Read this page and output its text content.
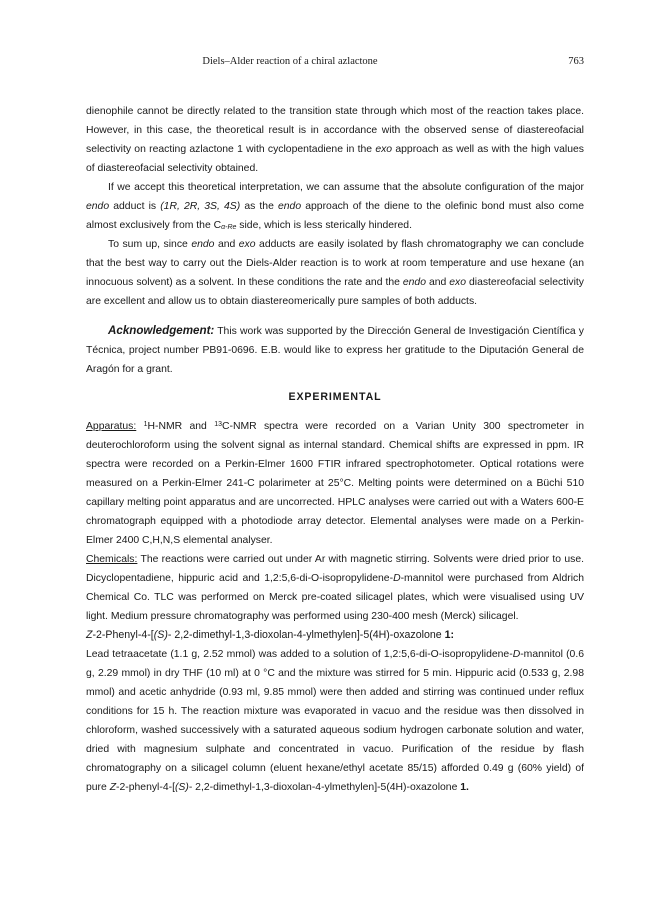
Diels–Alder reaction of a chiral azlactone	763

dienophile cannot be directly related to the transition state through which most of the reaction takes place. However, in this case, the theoretical result is in accordance with the observed sense of diastereofacial selectivity on reacting azlactone 1 with cyclopentadiene in the exo approach as well as with the high values of diastereofacial selectivity obtained.

If we accept this theoretical interpretation, we can assume that the absolute configuration of the major endo adduct is (1R, 2R, 3S, 4S) as the endo approach of the diene to the olefinic bond must also come almost exclusively from the $C_{\alpha-Re}$ side, which is less sterically hindered.

To sum up, since endo and exo adducts are easily isolated by flash chromatography we can conclude that the best way to carry out the Diels-Alder reaction is to work at room temperature and use hexane (an innocuous solvent) as a solvent. In these conditions the rate and the endo and exo diastereofacial selectivity are excellent and allow us to obtain diastereomerically pure samples of both adducts.

Acknowledgement: This work was supported by the Dirección General de Investigación Científica y Técnica, project number PB91-0696. E.B. would like to express her gratitude to the Diputación General de Aragón for a grant.

EXPERIMENTAL

Apparatus: $^1$H-NMR and $^{13}$C-NMR spectra were recorded on a Varian Unity 300 spectrometer in deuterochloroform using the solvent signal as internal standard. Chemical shifts are expressed in ppm. IR spectra were recorded on a Perkin-Elmer 1600 FTIR infrared spectrophotometer. Optical rotations were measured on a Perkin-Elmer 241-C polarimeter at 25°C. Melting points were determined on a Büchi 510 capillary melting point apparatus and are uncorrected. HPLC analyses were carried out with a Waters 600-E chromatograph equipped with a photodiode array detector. Elemental analyses were made on a Perkin-Elmer 2400 C,H,N,S elemental analyser.

Chemicals: The reactions were carried out under Ar with magnetic stirring. Solvents were dried prior to use. Dicyclopentadiene, hippuric acid and 1,2:5,6-di-O-isopropylidene-D-mannitol were purchased from Aldrich Chemical Co. TLC was performed on Merck pre-coated silicagel plates, which were visualised using UV light. Medium pressure chromatography was performed using 230-400 mesh (Merck) silicagel.

Z-2-Phenyl-4-[(S)- 2,2-dimethyl-1,3-dioxolan-4-ylmethylen]-5(4H)-oxazolone 1:

Lead tetraacetate (1.1 g, 2.52 mmol) was added to a solution of 1,2:5,6-di-O-isopropylidene-D-mannitol (0.6 g, 2.29 mmol) in dry THF (10 ml) at 0 °C and the mixture was stirred for 5 min. Hippuric acid (0.533 g, 2.98 mmol) and acetic anhydride (0.93 ml, 9.85 mmol) were then added and stirring was continued under reflux conditions for 15 h. The reaction mixture was evaporated in vacuo and the residue was then dissolved in chloroform, washed successively with a saturated aqueous sodium hydrogen carbonate solution and water, dried with magnesium sulphate and concentrated in vacuo. Purification of the residue by flash chromatography on a silicagel column (eluent hexane/ethyl acetate 85/15) afforded 0.49 g (60% yield) of pure Z-2-phenyl-4-[(S)- 2,2-dimethyl-1,3-dioxolan-4-ylmethylen]-5(4H)-oxazolone 1.
